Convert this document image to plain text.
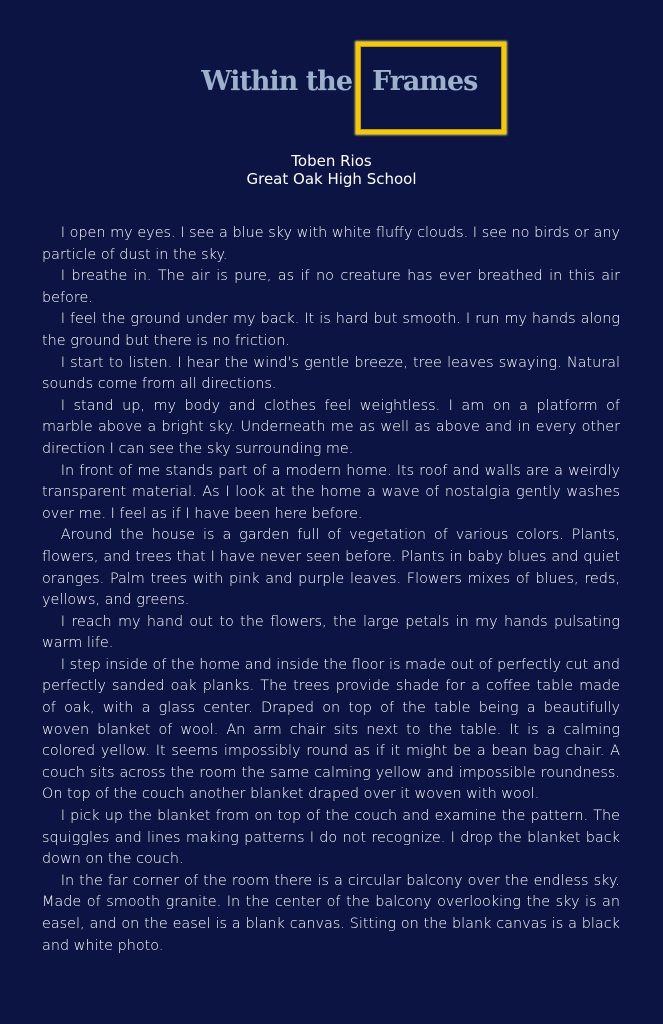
Within the Frames
Toben Rios
Great Oak High School

I open my eyes. I see a blue sky with white fluffy clouds. I see no birds or any particle of dust in the sky.

I breathe in. The air is pure, as if no creature has ever breathed in this air before.

I feel the ground under my back. It is hard but smooth. I run my hands along the ground but there is no friction.

I start to listen. I hear the wind's gentle breeze, tree leaves swaying. Natural sounds come from all directions.

I stand up, my body and clothes feel weightless. I am on a platform of marble above a bright sky. Underneath me as well as above and in every other direction I can see the sky surrounding me.

In front of me stands part of a modern home. Its roof and walls are a weirdly transparent material. As I look at the home a wave of nostalgia gently washes over me. I feel as if I have been here before.

Around the house is a garden full of vegetation of various colors. Plants, flowers, and trees that I have never seen before. Plants in baby blues and quiet oranges. Palm trees with pink and purple leaves. Flowers mixes of blues, reds, yellows, and greens.

I reach my hand out to the flowers, the large petals in my hands pulsating warm life.

I step inside of the home and inside the floor is made out of perfectly cut and perfectly sanded oak planks. The trees provide shade for a coffee table made of oak, with a glass center. Draped on top of the table being a beautifully woven blanket of wool. An arm chair sits next to the table. It is a calming colored yellow. It seems impossibly round as if it might be a bean bag chair. A couch sits across the room the same calming yellow and impossible roundness. On top of the couch another blanket draped over it woven with wool.

I pick up the blanket from on top of the couch and examine the pattern. The squiggles and lines making patterns I do not recognize. I drop the blanket back down on the couch.

In the far corner of the room there is a circular balcony over the endless sky. Made of smooth granite. In the center of the balcony overlooking the sky is an easel, and on the easel is a blank canvas. Sitting on the blank canvas is a black and white photo.
